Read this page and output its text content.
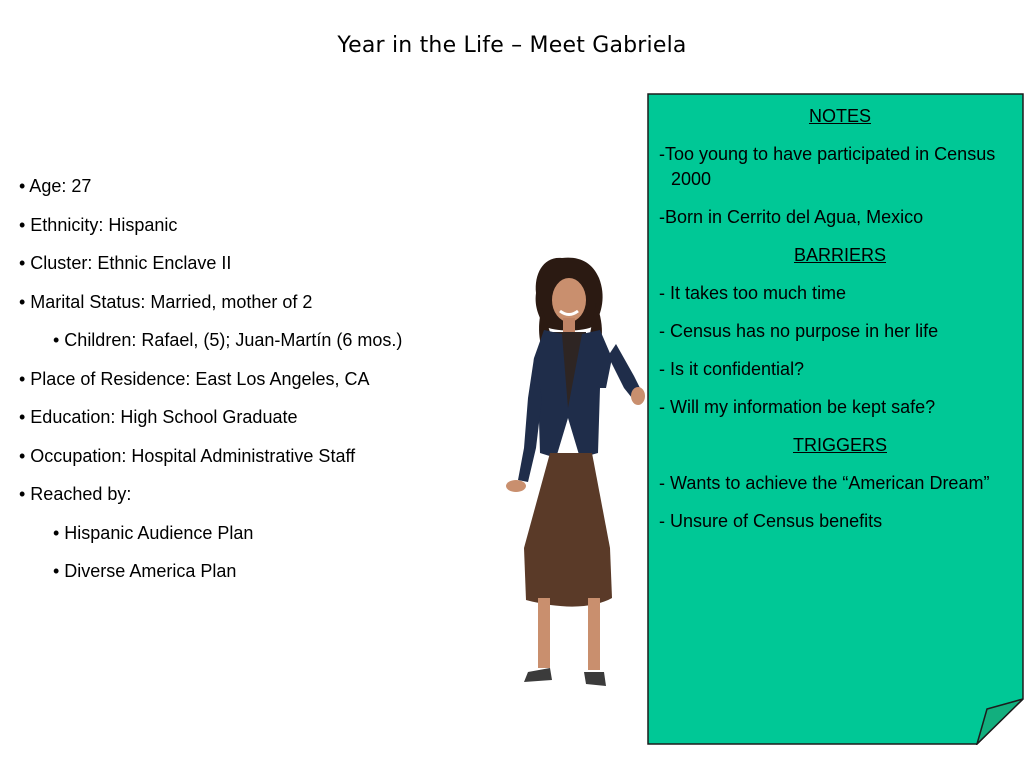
Year in the Life – Meet Gabriela
• Age: 27
• Ethnicity: Hispanic
• Cluster: Ethnic Enclave II
• Marital Status: Married, mother of 2
• Children: Rafael, (5); Juan-Martín (6 mos.)
• Place of Residence: East Los Angeles, CA
• Education: High School Graduate
• Occupation: Hospital Administrative Staff
• Reached by:
• Hispanic Audience Plan
• Diverse America Plan
NOTES
-Too young to have participated in Census 2000
-Born in Cerrito del Agua, Mexico
BARRIERS
- It takes too much time
- Census has no purpose in her life
- Is it confidential?
- Will my information be kept safe?
TRIGGERS
- Wants to achieve the “American Dream”
- Unsure of Census benefits
